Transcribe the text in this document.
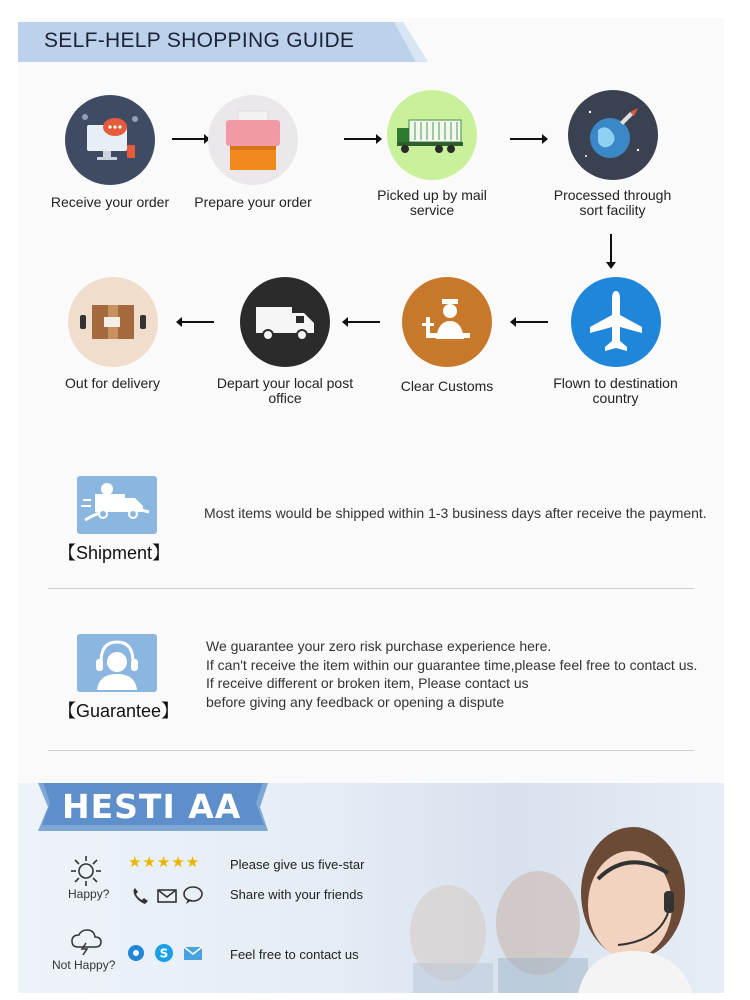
SELF-HELP SHOPPING GUIDE
Receive your order	Prepare your order	Picked up by mail service
Processed through sort facility
Flown to destination country
Clear Customs
Depart your local post office
Out for delivery
【Shipment】
Most items would be shipped within 1-3 business days after receive the payment.
【Guarantee】
We guarantee your zero risk purchase experience here.
If can't receive the item within our guarantee time,please feel free to contact us.
If receive different or broken item, Please contact us
before giving any feedback or opening a dispute
HESTI AA
Happy?
★★★★★ Please give us five-star
Share with your friends
Not Happy?
S	Feel free to contact us
